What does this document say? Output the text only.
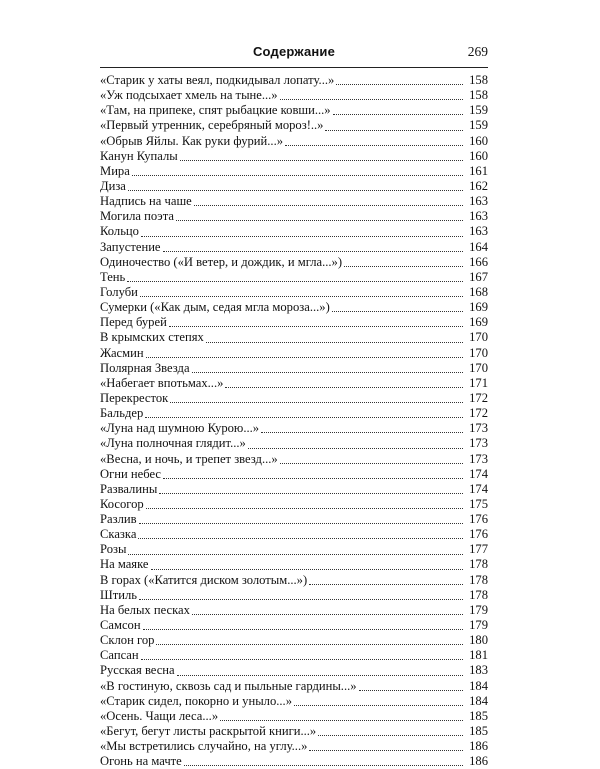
Содержание	269
«Старик у хаты веял, подкидывал лопату...»	158
«Уж подсыхает хмель на тыне...»	158
«Там, на припеке, спят рыбацкие ковши...»	159
«Первый утренник, серебряный мороз!..»	159
«Обрыв Яйлы. Как руки фурий...»	160
Канун Купалы	160
Мира	161
Диза	162
Надпись на чаше	163
Могила поэта	163
Кольцо	163
Запустение	164
Одиночество («И ветер, и дождик, и мгла...»)	166
Тень	167
Голуби	168
Сумерки («Как дым, седая мгла мороза...»)	169
Перед бурей	169
В крымских степях	170
Жасмин	170
Полярная Звезда	170
«Набегает впотьмах...»	171
Перекресток	172
Бальдер	172
«Луна над шумною Курою...»	173
«Луна полночная глядит...»	173
«Весна, и ночь, и трепет звезд...»	173
Огни небес	174
Развалины	174
Косогор	175
Разлив	176
Сказка	176
Розы	177
На маяке	178
В горах («Катится диском золотым...»)	178
Штиль	178
На белых песках	179
Самсон	179
Склон гор	180
Сапсан	181
Русская весна	183
«В гостиную, сквозь сад и пыльные гардины...»	184
«Старик сидел, покорно и уныло...»	184
«Осень. Чащи леса...»	185
«Бегут, бегут листы раскрытой книги...»	185
«Мы встретились случайно, на углу...»	186
Огонь на мачте	186
